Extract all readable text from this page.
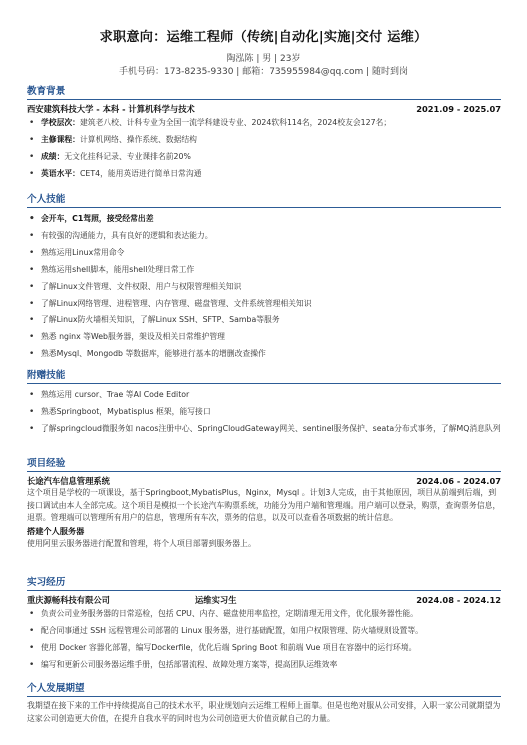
求职意向：运维工程师（传统|自动化|实施|交付 运维）
陶泓陈 | 男 | 23岁
手机号码：173-8235-9330 | 邮箱：735955984@qq.com | 随时到岗
教育背景
西安建筑科技大学 - 本科 - 计算机科学与技术	2021.09 - 2025.07
• 学校层次：建筑老八校、计科专业为全国一流学科建设专业、2024软科114名，2024校友会127名；
• 主修课程：计算机网络、操作系统、数据结构
• 成绩：无文化挂科记录、专业课排名前20%
• 英语水平：CET4，能用英语进行简单日常沟通
个人技能
• 会开车，C1驾照，接受经常出差
• 有较强的沟通能力，具有良好的逻辑和表达能力。
• 熟练运用Linux常用命令
• 熟练运用shell脚本，能用shell处理日常工作
• 了解Linux文件管理、文件权限、用户与权限管理相关知识
• 了解Linux网络管理、进程管理、内存管理、磁盘管理、文件系统管理相关知识
• 了解Linux防火墙相关知识，了解Linux SSH、SFTP、Samba等服务
• 熟悉 nginx 等Web服务器，架设及相关日常维护管理
• 熟悉Mysql、Mongodb 等数据库，能够进行基本的增删改查操作
附赠技能
• 熟练运用 cursor、Trae 等AI Code Editor
• 熟悉Springboot，Mybatisplus 框架，能写接口
• 了解springcloud微服务如 nacos注册中心、SpringCloudGateway网关、sentinel服务保护、seata分布式事务，了解MQ消息队列
项目经验
长途汽车信息管理系统	2024.06 - 2024.07
这个项目是学校的一项课设，基于Springboot,MybatisPlus，Nginx，Mysql 。计划3人完成，由于其他原因，项目从前端到后端，到接口调试由本人全部完成。这个项目是模拟一个长途汽车购票系统，功能分为用户端和管理端。用户端可以登录，购票，查询票务信息，退票。管理端可以管理所有用户的信息，管理所有车次，票务的信息，以及可以查看各项数据的统计信息。
搭建个人服务器
使用阿里云服务器进行配置和管理，将个人项目部署到服务器上。
实习经历
重庆源畅科技有限公司	运维实习生	2024.08 - 2024.12
• 负责公司业务服务器的日常巡检，包括 CPU、内存、磁盘使用率监控，定期清理无用文件，优化服务器性能。
• 配合同事通过 SSH 远程管理公司部署的 Linux 服务器，进行基础配置，如用户权限管理、防火墙规则设置等。
• 使用 Docker 容器化部署，编写Dockerfile，优化后端 Spring Boot 和前端 Vue 项目在容器中的运行环境。
• 编写和更新公司服务器运维手册，包括部署流程、故障处理方案等，提高团队运维效率
个人发展期望
我期望在接下来的工作中持续提高自己的技术水平，职业规划向云运维工程师上面靠。但是也绝对服从公司安排，入职一家公司就期望为这家公司创造更大价值，在提升自我水平的同时也为公司创造更大价值贡献自己的力量。
